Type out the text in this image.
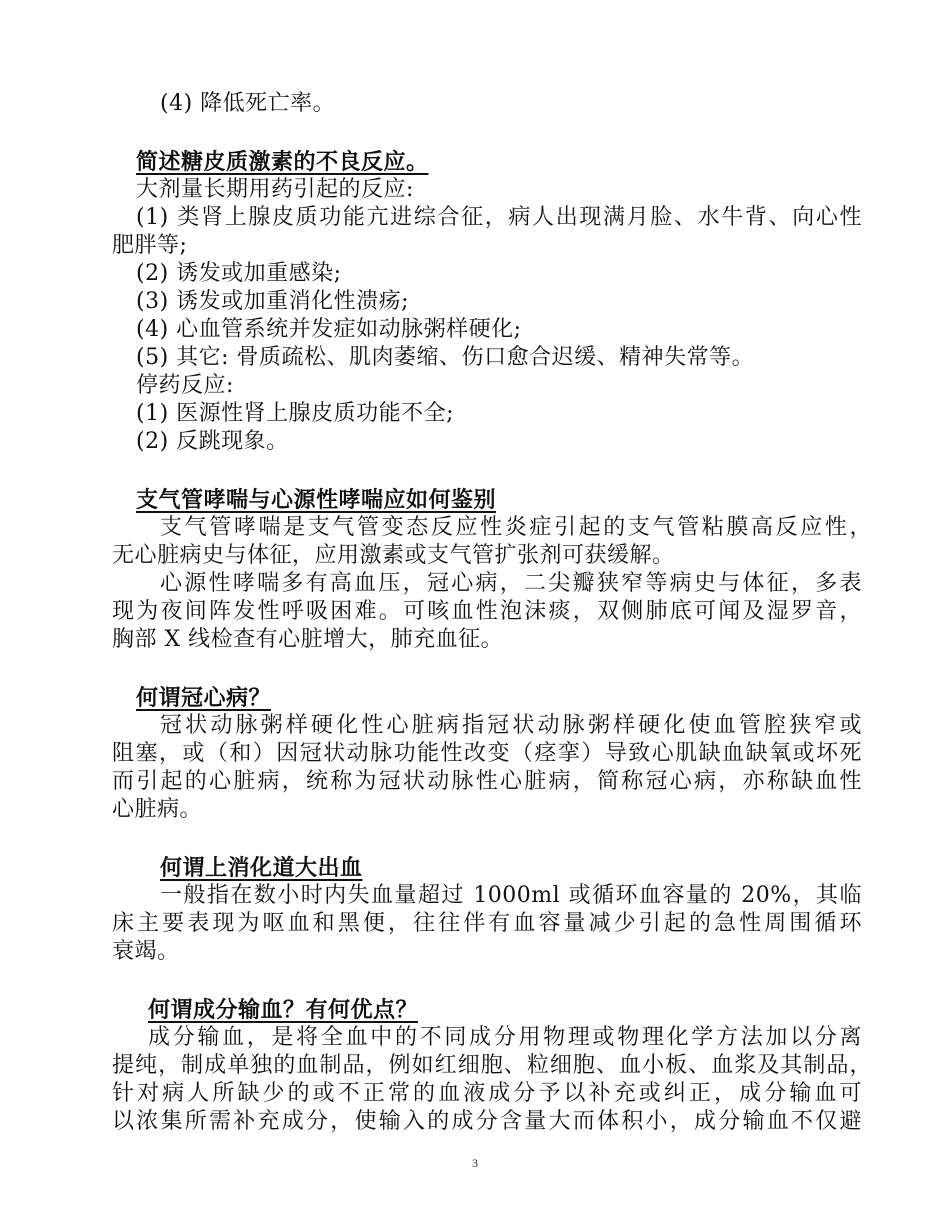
(4) 降低死亡率。
简述糖皮质激素的不良反应。
大剂量长期用药引起的反应:
(1) 类肾上腺皮质功能亢进综合征，病人出现满月脸、水牛背、向心性
肥胖等;
(2) 诱发或加重感染;
(3) 诱发或加重消化性溃疡;
(4) 心血管系统并发症如动脉粥样硬化;
(5) 其它: 骨质疏松、肌肉萎缩、伤口愈合迟缓、精神失常等。
停药反应:
(1) 医源性肾上腺皮质功能不全;
(2) 反跳现象。
支气管哮喘与心源性哮喘应如何鉴别
支气管哮喘是支气管变态反应性炎症引起的支气管粘膜高反应性，
无心脏病史与体征，应用激素或支气管扩张剂可获缓解。
心源性哮喘多有高血压，冠心病，二尖瓣狭窄等病史与体征，多表
现为夜间阵发性呼吸困难。可咳血性泡沫痰，双侧肺底可闻及湿罗音，
胸部 X 线检查有心脏增大，肺充血征。
何谓冠心病？
冠状动脉粥样硬化性心脏病指冠状动脉粥样硬化使血管腔狭窄或
阻塞，或（和）因冠状动脉功能性改变（痉挛）导致心肌缺血缺氧或坏死
而引起的心脏病，统称为冠状动脉性心脏病，简称冠心病，亦称缺血性
心脏病。
何谓上消化道大出血
一般指在数小时内失血量超过 1000ml 或循环血容量的 20%，其临
床主要表现为呕血和黑便，往往伴有血容量减少引起的急性周围循环
衰竭。
何谓成分输血？有何优点？
成分输血，是将全血中的不同成分用物理或物理化学方法加以分离
提纯，制成单独的血制品，例如红细胞、粒细胞、血小板、血浆及其制品，
针对病人所缺少的或不正常的血液成分予以补充或纠正，成分输血可
以浓集所需补充成分，使输入的成分含量大而体积小，成分输血不仅避
3
